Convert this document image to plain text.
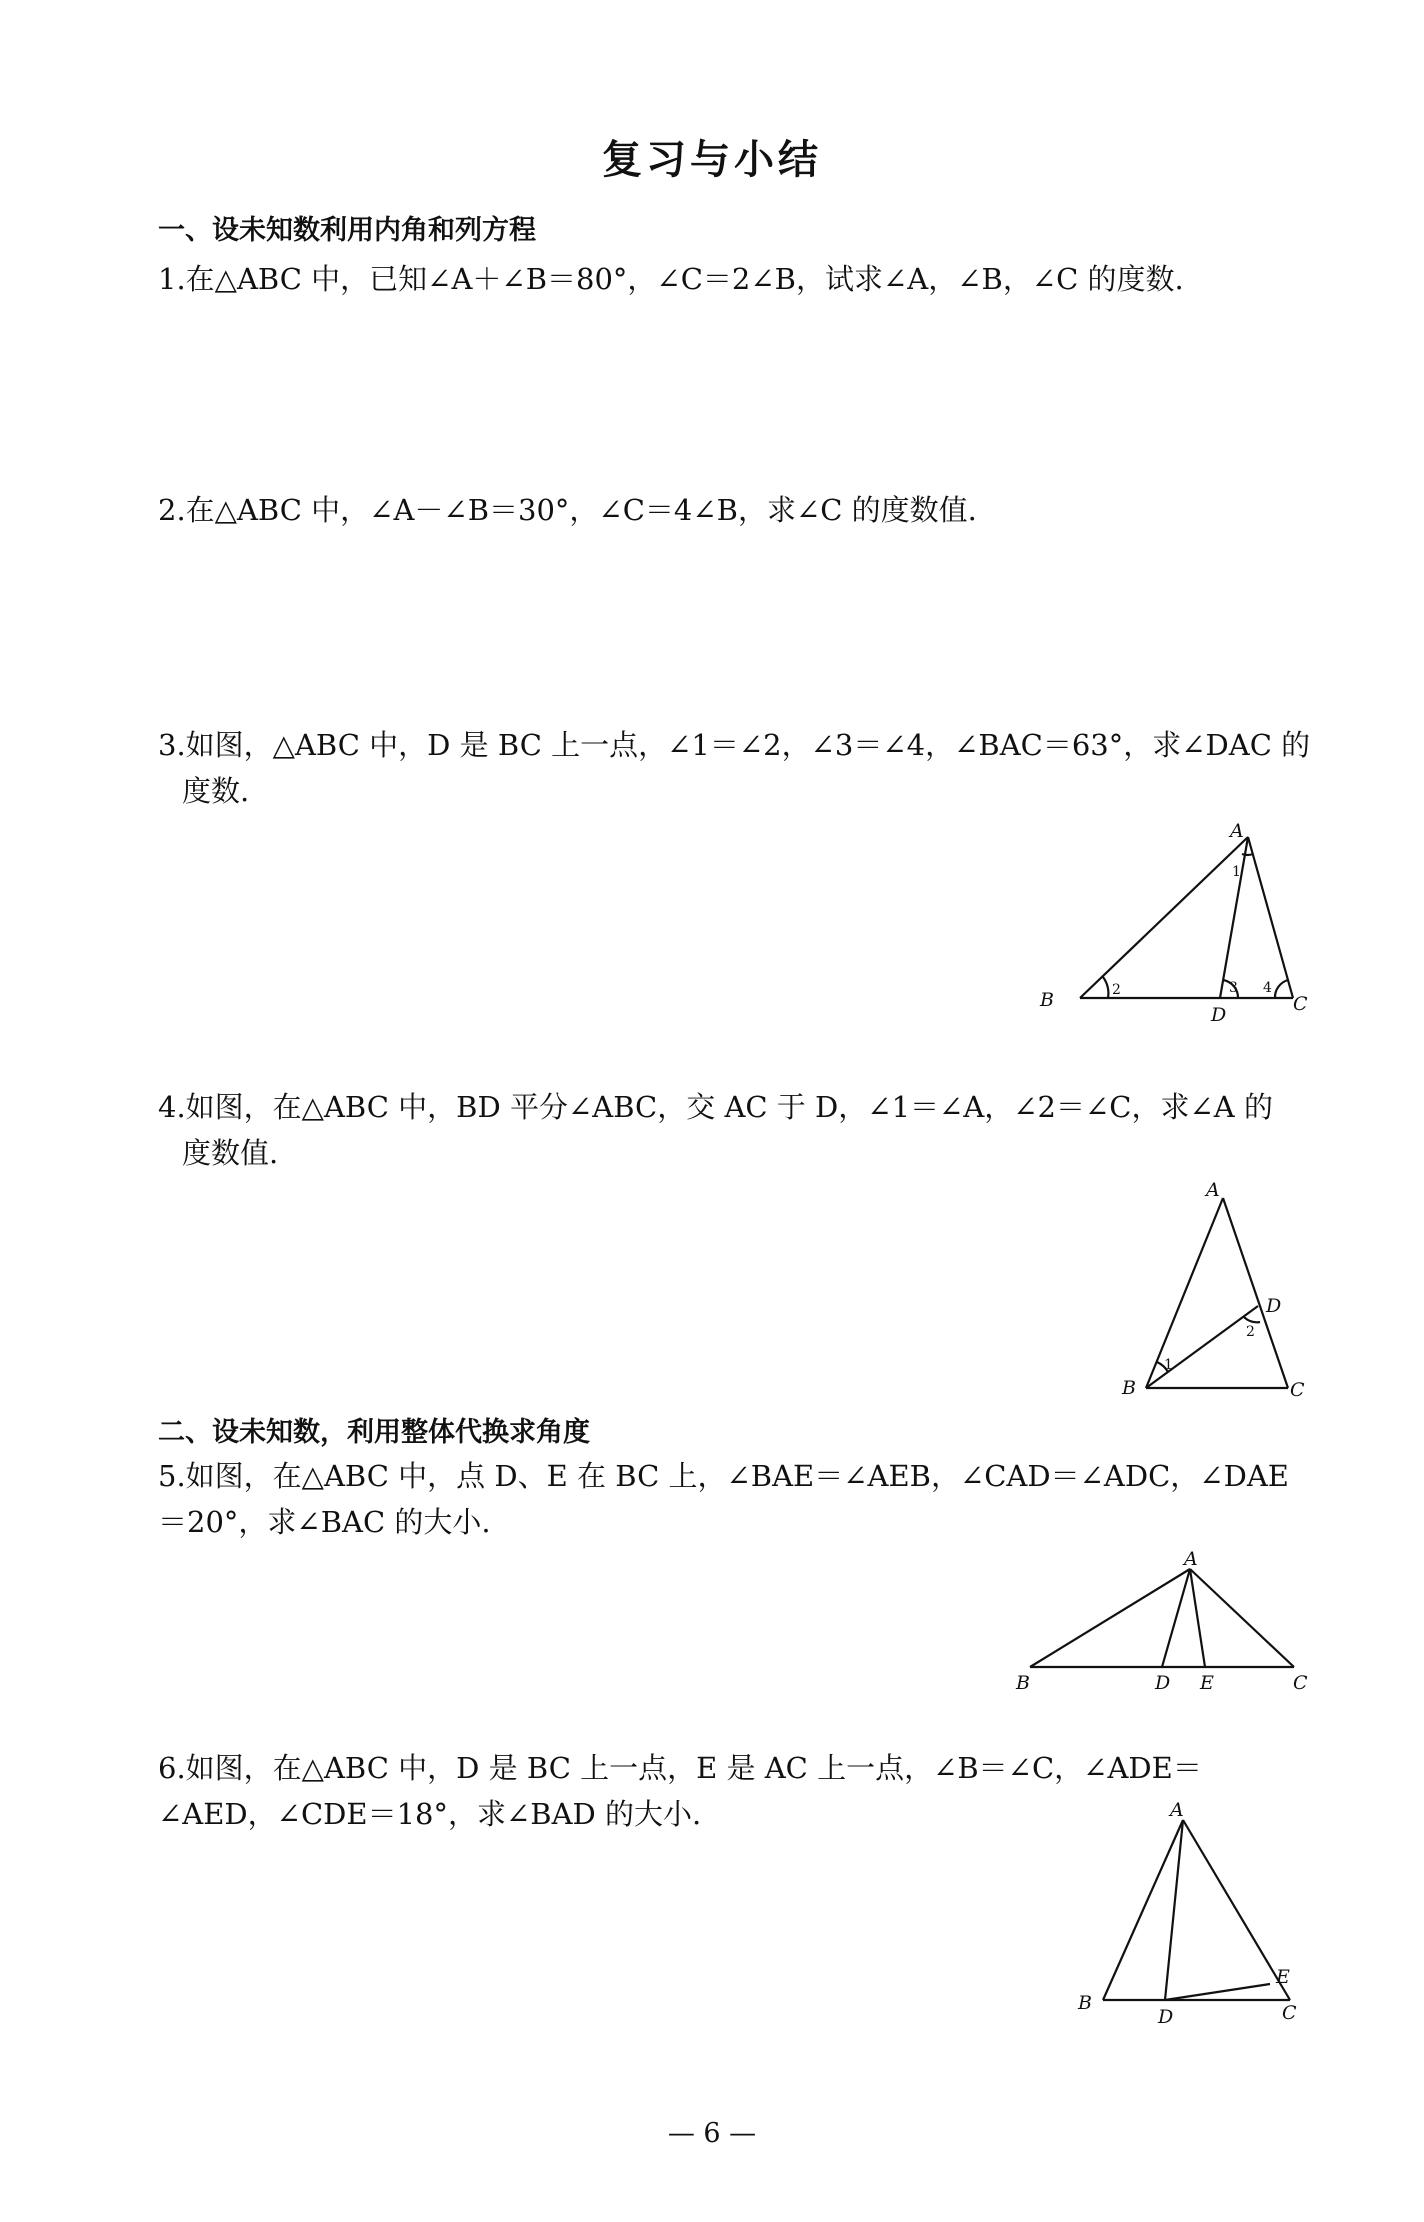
复习与小结
一、设未知数利用内角和列方程
1.在△ABC 中，已知∠A＋∠B＝80°，∠C＝2∠B，试求∠A，∠B，∠C 的度数.
2.在△ABC 中，∠A－∠B＝30°，∠C＝4∠B，求∠C 的度数值.
3.如图，△ABC 中，D 是 BC 上一点，∠1＝∠2，∠3＝∠4，∠BAC＝63°，求∠DAC 的
度数.
A
B	C
D
1
2	3 4
4.如图，在△ABC 中，BD 平分∠ABC，交 AC 于 D，∠1＝∠A，∠2＝∠C，求∠A 的
度数值.
A
B	C
D
1
2
二、设未知数，利用整体代换求角度
5.如图，在△ABC 中，点 D、E 在 BC 上，∠BAE＝∠AEB，∠CAD＝∠ADC，∠DAE
＝20°，求∠BAC 的大小.
A
B	D E	C
6.如图，在△ABC 中，D 是 BC 上一点，E 是 AC 上一点，∠B＝∠C，∠ADE＝
∠AED，∠CDE＝18°，求∠BAD 的大小.	A
B
D
E
C
— 6 —
